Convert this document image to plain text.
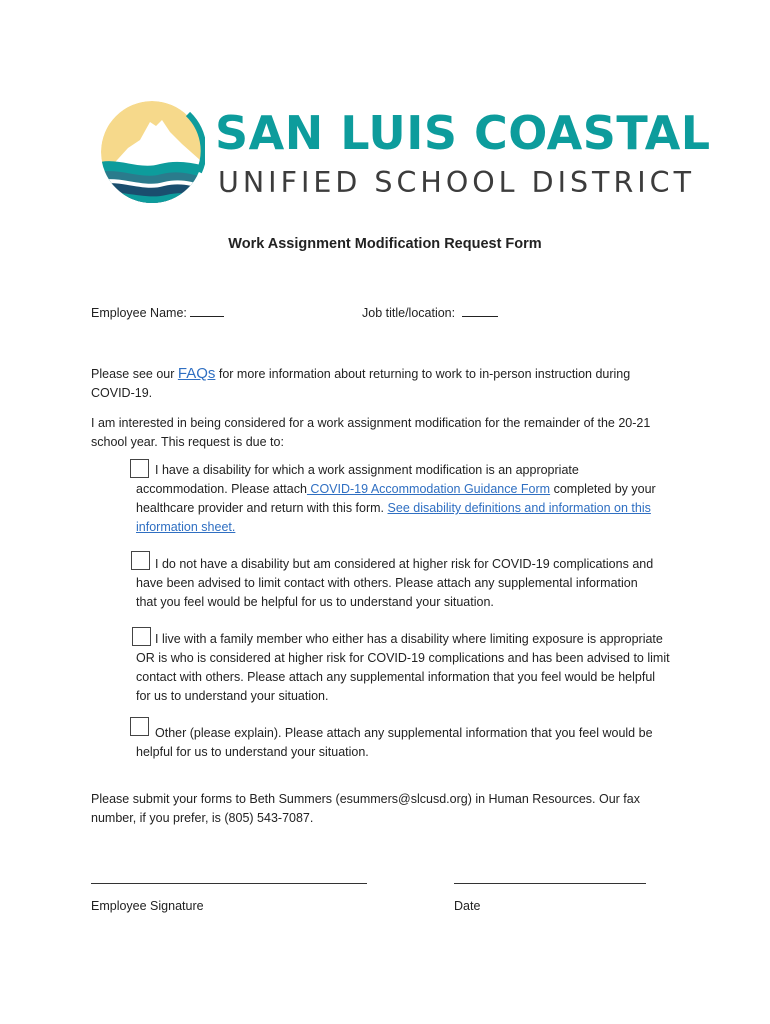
SAN LUIS COASTAL
UNIFIED SCHOOL DISTRICT
Work Assignment Modification Request Form
Employee Name:	Job title/location:
Please see our FAQs for more information about returning to work to in-person instruction during
COVID-19.
I am interested in being considered for a work assignment modification for the remainder of the 20-21
school year. This request is due to:
I have a disability for which a work assignment modification is an appropriate
accommodation. Please attach COVID-19 Accommodation Guidance Form completed by your
healthcare provider and return with this form. See disability definitions and information on this
information sheet.
I do not have a disability but am considered at higher risk for COVID-19 complications and
have been advised to limit contact with others. Please attach any supplemental information
that you feel would be helpful for us to understand your situation.
I live with a family member who either has a disability where limiting exposure is appropriate
OR is who is considered at higher risk for COVID-19 complications and has been advised to limit
contact with others. Please attach any supplemental information that you feel would be helpful
for us to understand your situation.
Other (please explain). Please attach any supplemental information that you feel would be
helpful for us to understand your situation.
Please submit your forms to Beth Summers (esummers@slcusd.org) in Human Resources. Our fax
number, if you prefer, is (805) 543-7087.
Employee Signature	Date
